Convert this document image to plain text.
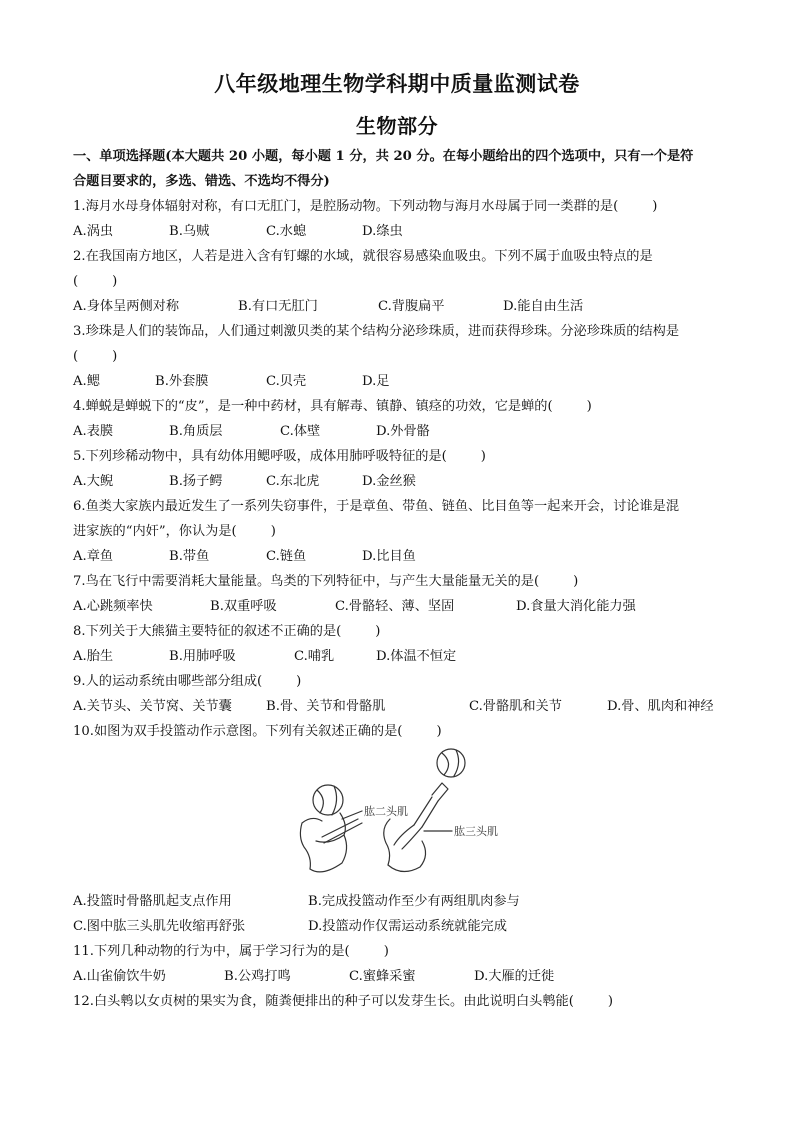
八年级地理生物学科期中质量监测试卷
生物部分
一、单项选择题(本大题共 20 小题，每小题 1 分，共 20 分。在每小题给出的四个选项中，只有一个是符
合题目要求的，多选、错选、不选均不得分)
1.海月水母身体辐射对称，有口无肛门，是腔肠动物。下列动物与海月水母属于同一类群的是(	)
A.涡虫	B.乌贼	C.水螅	D.绦虫
2.在我国南方地区，人若是进入含有钉螺的水域，就很容易感染血吸虫。下列不属于血吸虫特点的是
(	)
A.身体呈两侧对称	B.有口无肛门	C.背腹扁平	D.能自由生活
3.珍珠是人们的装饰品，人们通过刺激贝类的某个结构分泌珍珠质，进而获得珍珠。分泌珍珠质的结构是
(	)
A.鳃	B.外套膜	C.贝壳	D.足
4.蝉蜕是蝉蜕下的“皮”，是一种中药材，具有解毒、镇静、镇痉的功效，它是蝉的(	)
A.表膜	B.角质层	C.体壁	D.外骨骼
5.下列珍稀动物中，具有幼体用鳃呼吸，成体用肺呼吸特征的是(	)
A.大鲵	B.扬子鳄	C.东北虎	D.金丝猴
6.鱼类大家族内最近发生了一系列失窃事件，于是章鱼、带鱼、链鱼、比目鱼等一起来开会，讨论谁是混
进家族的“内奸”，你认为是(	)
A.章鱼	B.带鱼	C.链鱼	D.比目鱼
7.鸟在飞行中需要消耗大量能量。鸟类的下列特征中，与产生大量能量无关的是(	)
A.心跳频率快	B.双重呼吸	C.骨骼轻、薄、坚固	D.食量大消化能力强
8.下列关于大熊猫主要特征的叙述不正确的是(	)
A.胎生	B.用肺呼吸	C.哺乳	D.体温不恒定
9.人的运动系统由哪些部分组成(	)
A.关节头、关节窝、关节囊	B.骨、关节和骨骼肌	C.骨骼肌和关节	D.骨、肌肉和神经
10.如图为双手投篮动作示意图。下列有关叙述正确的是(	)
肱二头肌
肱三头肌
A.投篮时骨骼肌起支点作用	B.完成投篮动作至少有两组肌肉参与
C.图中肱三头肌先收缩再舒张	D.投篮动作仅需运动系统就能完成
11.下列几种动物的行为中，属于学习行为的是(	)
A.山雀偷饮牛奶	B.公鸡打鸣	C.蜜蜂采蜜	D.大雁的迁徙
12.白头鹎以女贞树的果实为食，随粪便排出的种子可以发芽生长。由此说明白头鹎能(	)
